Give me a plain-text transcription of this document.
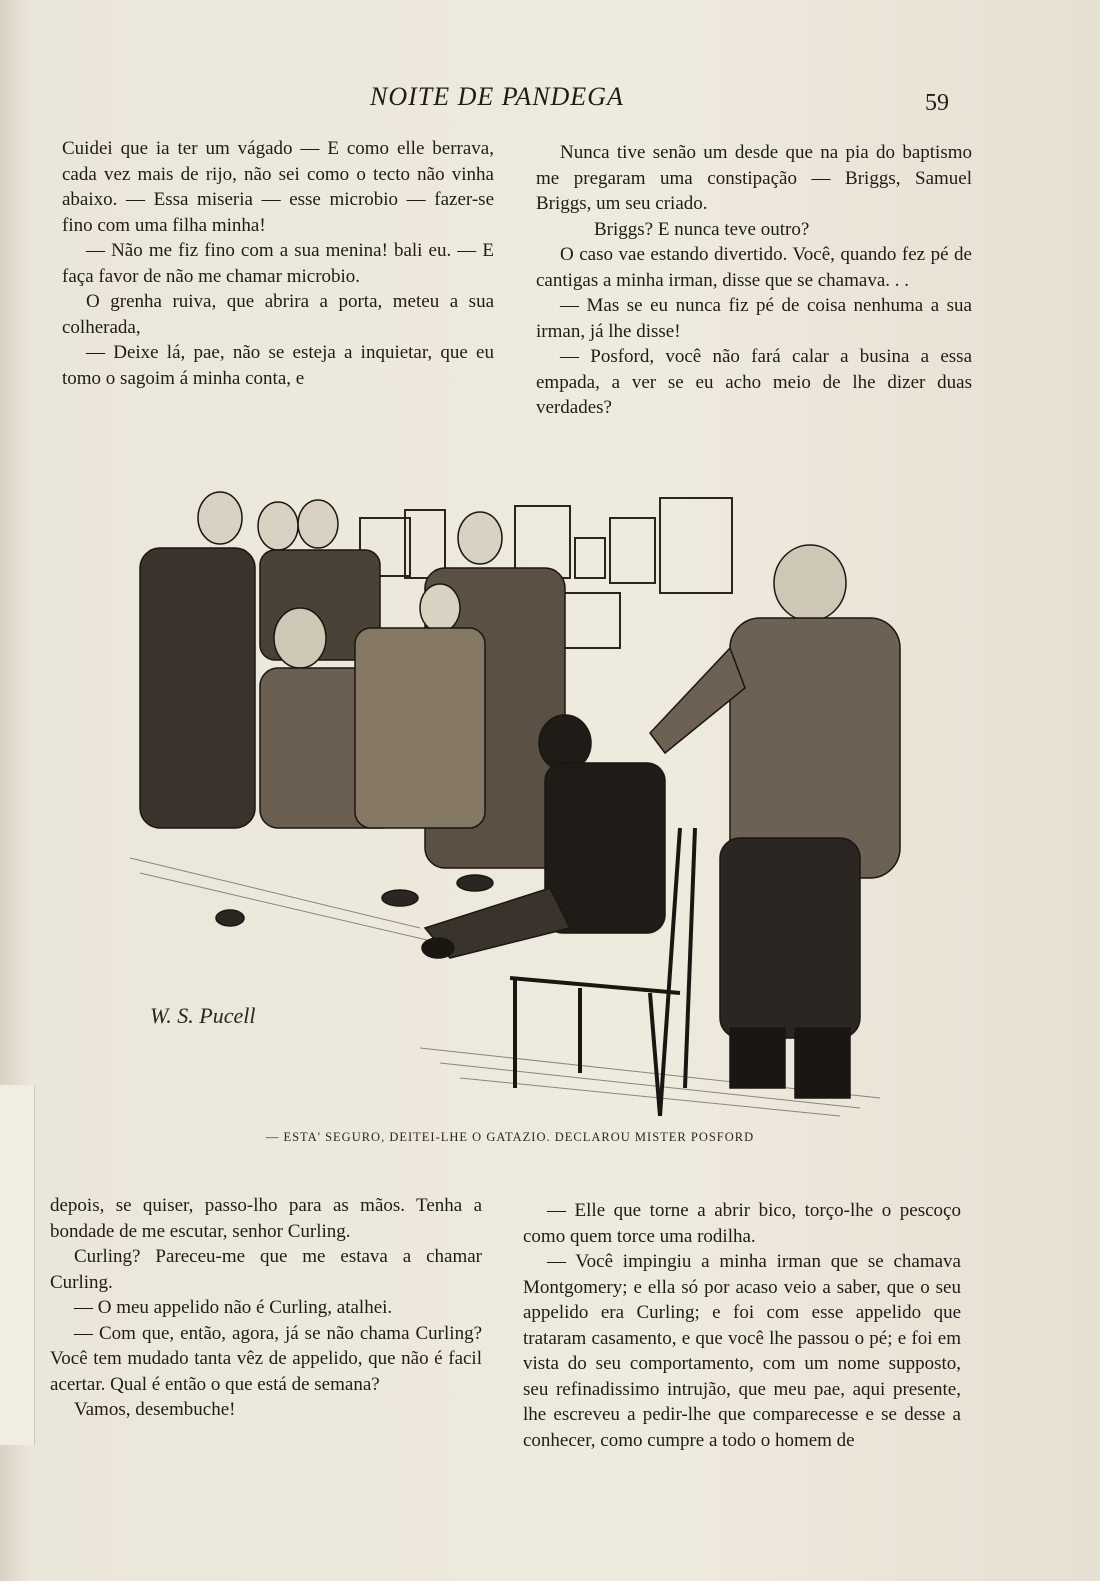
NOITE DE PANDEGA	59

Cuidei que ia ter um vágado — E como elle berrava, cada vez mais de rijo, não sei como o tecto não vinha abaixo. — Essa miseria — esse microbio — fazer-se fino com uma filha minha!

— Não me fiz fino com a sua menina! bali eu. — E faça favor de não me chamar microbio.

O grenha ruiva, que abrira a porta, meteu a sua colherada,

— Deixe lá, pae, não se esteja a inquietar, que eu tomo o sagoim á minha conta, e

Nunca tive senão um desde que na pia do baptismo me pregaram uma constipação — Briggs, Samuel Briggs, um seu criado.

Briggs? E nunca teve outro?

O caso vae estando divertido. Você, quando fez pé de cantigas a minha irman, disse que se chamava. . .

— Mas se eu nunca fiz pé de coisa nenhuma a sua irman, já lhe disse!

— Posford, você não fará calar a busina a essa empada, a ver se eu acho meio de lhe dizer duas verdades?

W. S. Pucell
— ESTA' SEGURO, DEITEI-LHE O GATAZIO. DECLAROU MISTER POSFORD

depois, se quiser, passo-lho para as mãos. Tenha a bondade de me escutar, senhor Curling.

Curling? Pareceu-me que me estava a chamar Curling.

— O meu appelido não é Curling, atalhei.

— Com que, então, agora, já se não chama Curling? Você tem mudado tanta vêz de appelido, que não é facil acertar. Qual é então o que está de semana?

Vamos, desembuche!

— Elle que torne a abrir bico, torço-lhe o pescoço como quem torce uma rodilha.

— Você impingiu a minha irman que se chamava Montgomery; e ella só por acaso veio a saber, que o seu appelido era Curling; e foi com esse appelido que trataram casamento, e que você lhe passou o pé; e foi em vista do seu comportamento, com um nome supposto, seu refinadissimo intrujão, que meu pae, aqui presente, lhe escreveu a pedir-lhe que comparecesse e se desse a conhecer, como cumpre a todo o homem de
